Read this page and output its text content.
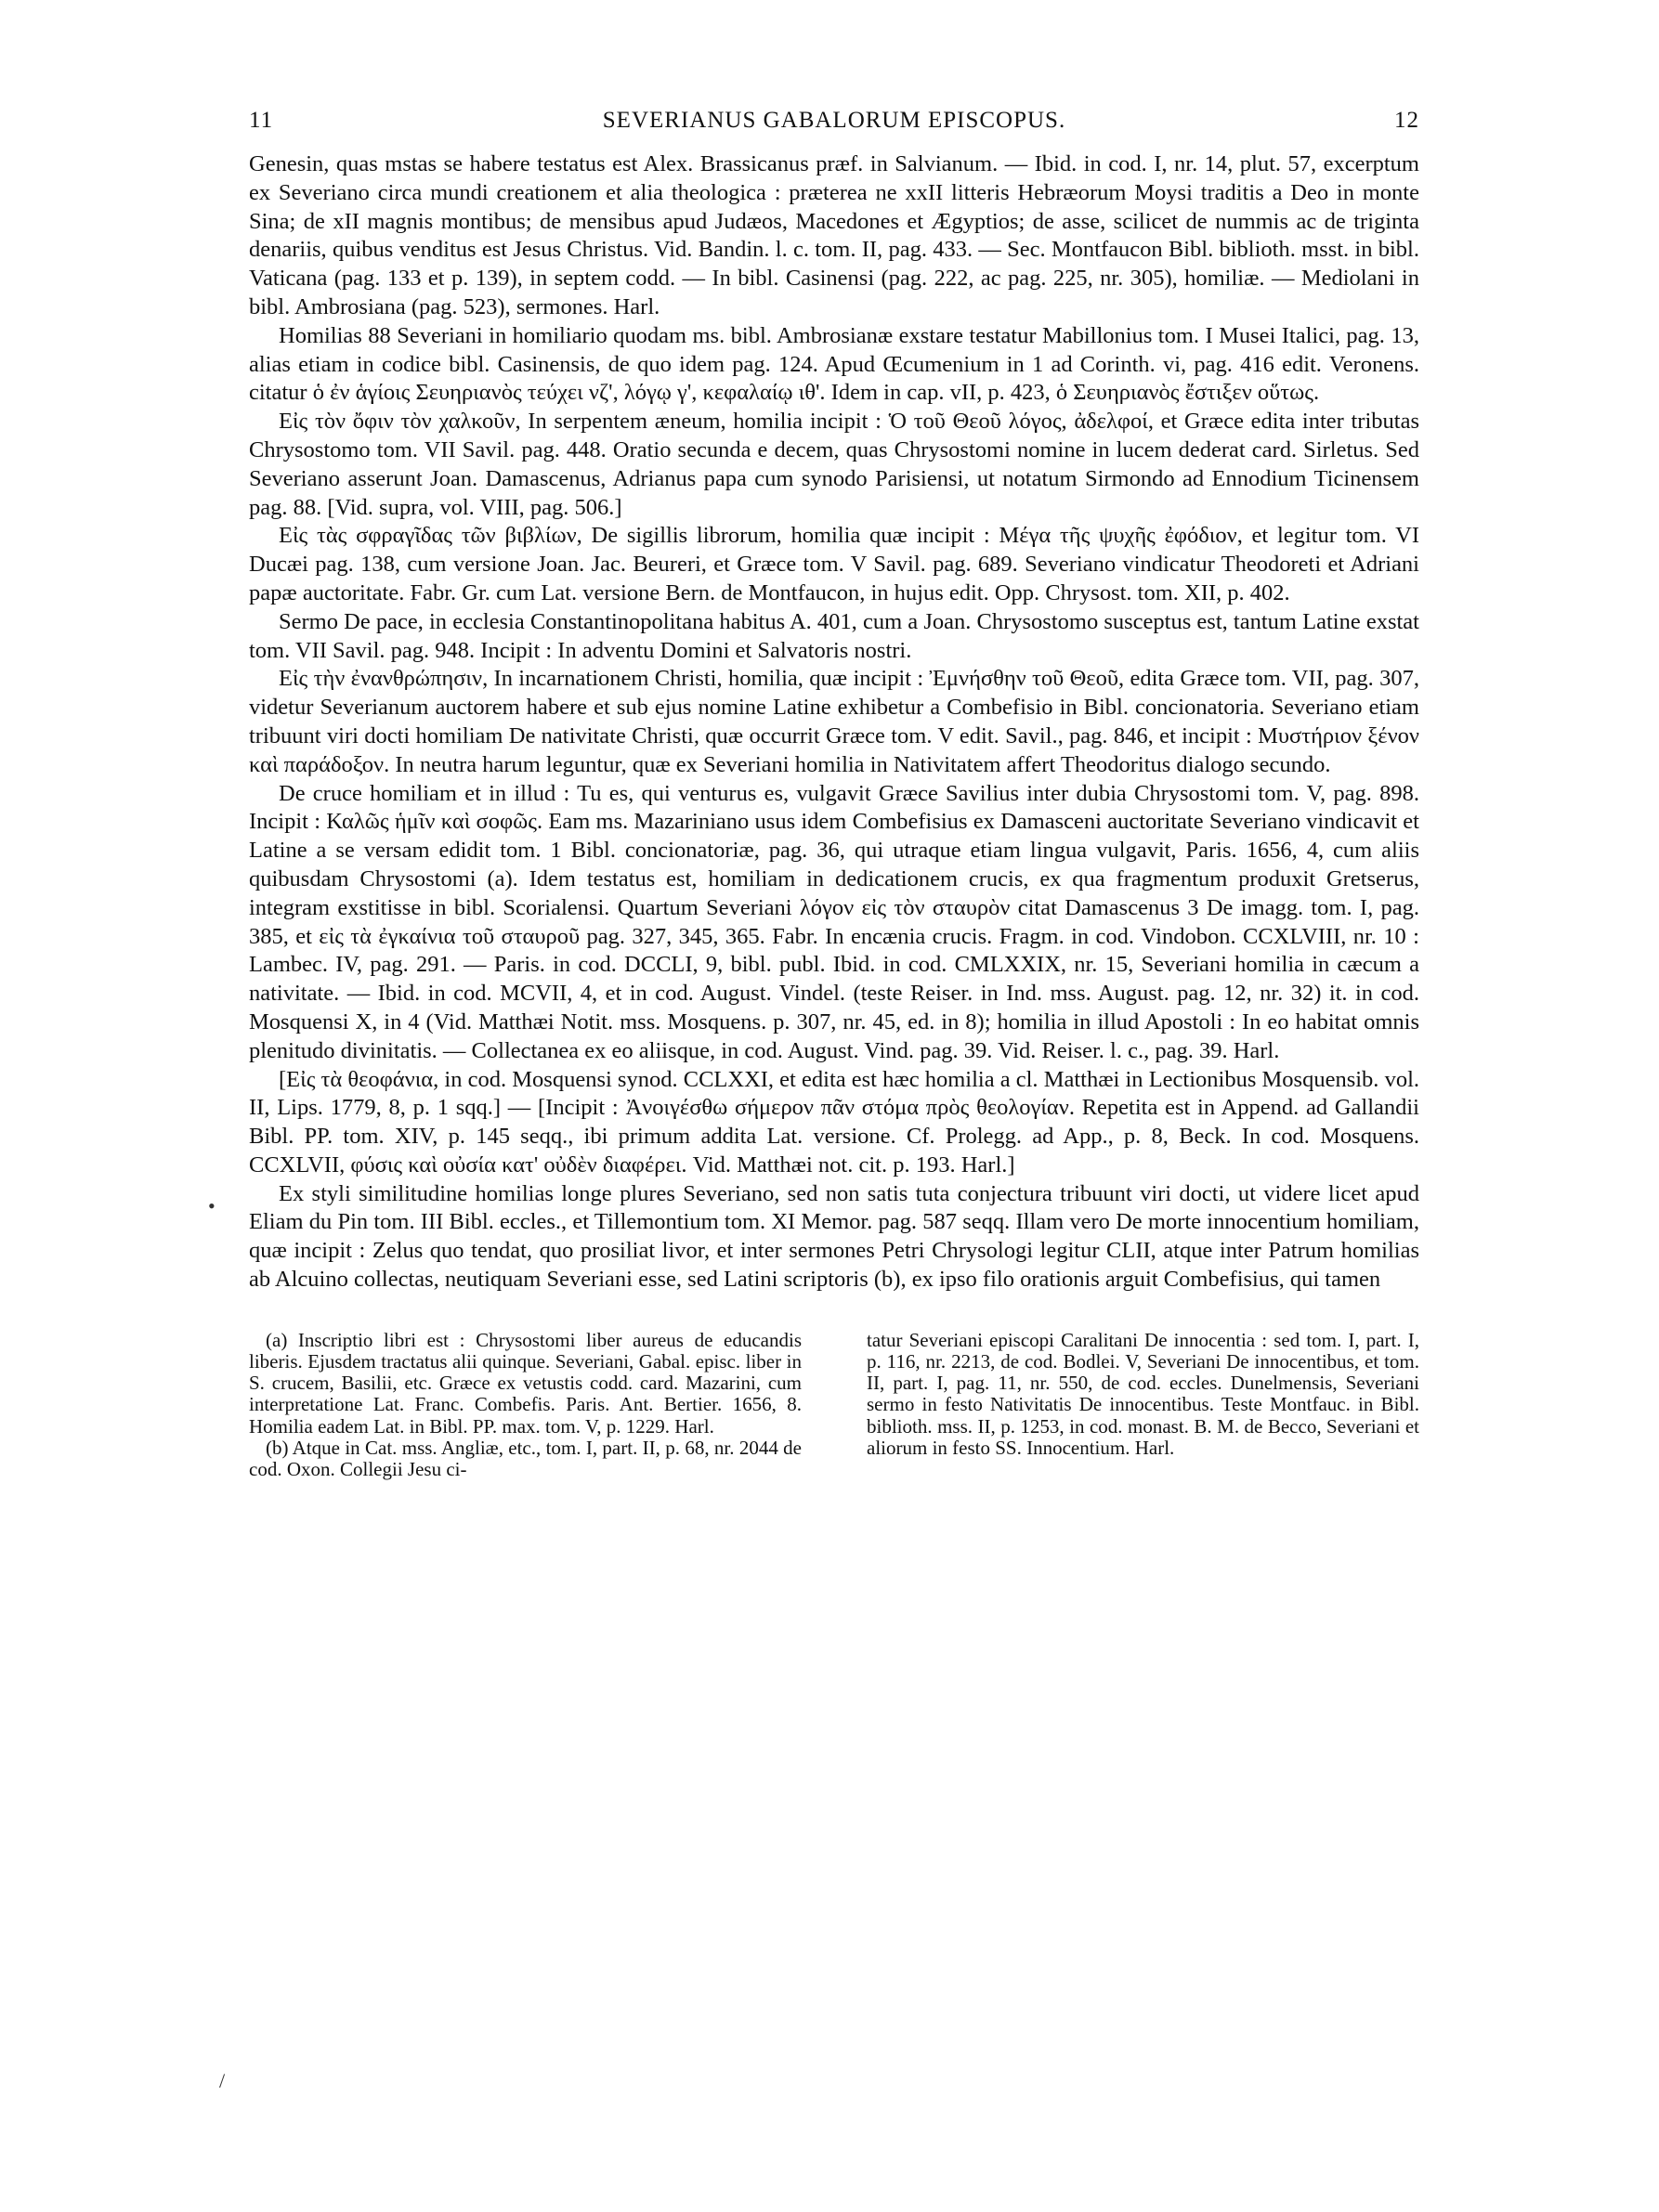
11	SEVERIANUS GABALORUM EPISCOPUS.	12

Genesin, quas mstas se habere testatus est Alex. Brassicanus præf. in Salvianum. — Ibid. in cod. I, nr. 14, plut. 57, excerptum ex Severiano circa mundi creationem et alia theologica : præterea ne xxII litteris Hebræorum Moysi traditis a Deo in monte Sina; de xII magnis montibus; de mensibus apud Judæos, Macedones et Ægyptios; de asse, scilicet de nummis ac de triginta denariis, quibus venditus est Jesus Christus. Vid. Bandin. l. c. tom. II, pag. 433. — Sec. Montfaucon Bibl. biblioth. msst. in bibl. Vaticana (pag. 133 et p. 139), in septem codd. — In bibl. Casinensi (pag. 222, ac pag. 225, nr. 305), homiliæ. — Mediolani in bibl. Ambrosiana (pag. 523), sermones. Harl.

Homilias 88 Severiani in homiliario quodam ms. bibl. Ambrosianæ exstare testatur Mabillonius tom. I Musei Italici, pag. 13, alias etiam in codice bibl. Casinensis, de quo idem pag. 124. Apud Œcumenium in 1 ad Corinth. vi, pag. 416 edit. Veronens. citatur ὁ ἐν ἁγίοις Σευηριανὸς τεύχει νζ', λόγῳ γ', κεφαλαίῳ ιθ'. Idem in cap. vII, p. 423, ὁ Σευηριανὸς ἔστιξεν οὕτως.

Εἰς τὸν ὄφιν τὸν χαλκοῦν, In serpentem æneum, homilia incipit : Ὁ τοῦ Θεοῦ λόγος, ἀδελφοί, et Græce edita inter tributas Chrysostomo tom. VII Savil. pag. 448. Oratio secunda e decem, quas Chrysostomi nomine in lucem dederat card. Sirletus. Sed Severiano asserunt Joan. Damascenus, Adrianus papa cum synodo Parisiensi, ut notatum Sirmondo ad Ennodium Ticinensem pag. 88. [Vid. supra, vol. VIII, pag. 506.]

Εἰς τὰς σφραγῖδας τῶν βιβλίων, De sigillis librorum, homilia quæ incipit : Μέγα τῆς ψυχῆς ἐφόδιον, et legitur tom. VI Ducæi pag. 138, cum versione Joan. Jac. Beureri, et Græce tom. V Savil. pag. 689. Severiano vindicatur Theodoreti et Adriani papæ auctoritate. Fabr. Gr. cum Lat. versione Bern. de Montfaucon, in hujus edit. Opp. Chrysost. tom. XII, p. 402.

Sermo De pace, in ecclesia Constantinopolitana habitus A. 401, cum a Joan. Chrysostomo susceptus est, tantum Latine exstat tom. VII Savil. pag. 948. Incipit : In adventu Domini et Salvatoris nostri.

Εἰς τὴν ἐνανθρώπησιν, In incarnationem Christi, homilia, quæ incipit : Ἐμνήσθην τοῦ Θεοῦ, edita Græce tom. VII, pag. 307, videtur Severianum auctorem habere et sub ejus nomine Latine exhibetur a Combefisio in Bibl. concionatoria. Severiano etiam tribuunt viri docti homiliam De nativitate Christi, quæ occurrit Græce tom. V edit. Savil., pag. 846, et incipit : Μυστήριον ξένον καὶ παράδοξον. In neutra harum leguntur, quæ ex Severiani homilia in Nativitatem affert Theodoritus dialogo secundo.

De cruce homiliam et in illud : Tu es, qui venturus es, vulgavit Græce Savilius inter dubia Chrysostomi tom. V, pag. 898. Incipit : Καλῶς ἡμῖν καὶ σοφῶς. Eam ms. Mazariniano usus idem Combefisius ex Damasceni auctoritate Severiano vindicavit et Latine a se versam edidit tom. 1 Bibl. concionatoriæ, pag. 36, qui utraque etiam lingua vulgavit, Paris. 1656, 4, cum aliis quibusdam Chrysostomi (a). Idem testatus est, homiliam in dedicationem crucis, ex qua fragmentum produxit Gretserus, integram exstitisse in bibl. Scorialensi. Quartum Severiani λόγον εἰς τὸν σταυρὸν citat Damascenus 3 De imagg. tom. I, pag. 385, et εἰς τὰ ἐγκαίνια τοῦ σταυροῦ pag. 327, 345, 365. Fabr. In encænia crucis. Fragm. in cod. Vindobon. CCXLVIII, nr. 10 : Lambec. IV, pag. 291. — Paris. in cod. DCCLI, 9, bibl. publ. Ibid. in cod. CMLXXIX, nr. 15, Severiani homilia in cæcum a nativitate. — Ibid. in cod. MCVII, 4, et in cod. August. Vindel. (teste Reiser. in Ind. mss. August. pag. 12, nr. 32) it. in cod. Mosquensi X, in 4 (Vid. Matthæi Notit. mss. Mosquens. p. 307, nr. 45, ed. in 8); homilia in illud Apostoli : In eo habitat omnis plenitudo divinitatis. — Collectanea ex eo aliisque, in cod. August. Vind. pag. 39. Vid. Reiser. l. c., pag. 39. Harl.

[Εἰς τὰ θεοφάνια, in cod. Mosquensi synod. CCLXXI, et edita est hæc homilia a cl. Matthæi in Lectionibus Mosquensib. vol. II, Lips. 1779, 8, p. 1 sqq.] — [Incipit : Ἀνοιγέσθω σήμερον πᾶν στόμα πρὸς θεολογίαν. Repetita est in Append. ad Gallandii Bibl. PP. tom. XIV, p. 145 seqq., ibi primum addita Lat. versione. Cf. Prolegg. ad App., p. 8, Beck. In cod. Mosquens. CCXLVII, φύσις καὶ οὐσία κατ' οὐδὲν διαφέρει. Vid. Matthæi not. cit. p. 193. Harl.]

Ex styli similitudine homilias longe plures Severiano, sed non satis tuta conjectura tribuunt viri docti, ut videre licet apud Eliam du Pin tom. III Bibl. eccles., et Tillemontium tom. XI Memor. pag. 587 seqq. Illam vero De morte innocentium homiliam, quæ incipit : Zelus quo tendat, quo prosiliat livor, et inter sermones Petri Chrysologi legitur CLII, atque inter Patrum homilias ab Alcuino collectas, neutiquam Severiani esse, sed Latini scriptoris (b), ex ipso filo orationis arguit Combefisius, qui tamen

(a) Inscriptio libri est : Chrysostomi liber aureus de educandis liberis. Ejusdem tractatus alii quinque. Severiani, Gabal. episc. liber in S. crucem, Basilii, etc. Græce ex vetustis codd. card. Mazarini, cum interpretatione Lat. Franc. Combefis. Paris. Ant. Bertier. 1656, 8. Homilia eadem Lat. in Bibl. PP. max. tom. V, p. 1229. Harl.

(b) Atque in Cat. mss. Angliæ, etc., tom. I, part. II, p. 68, nr. 2044 de cod. Oxon. Collegii Jesu ci-

tatur Severiani episcopi Caralitani De innocentia : sed tom. I, part. I, p. 116, nr. 2213, de cod. Bodlei. V, Severiani De innocentibus, et tom. II, part. I, pag. 11, nr. 550, de cod. eccles. Dunelmensis, Severiani sermo in festo Nativitatis De innocentibus. Teste Montfauc. in Bibl. biblioth. mss. II, p. 1253, in cod. monast. B. M. de Becco, Severiani et aliorum in festo SS. Innocentium. Harl.

•
/
